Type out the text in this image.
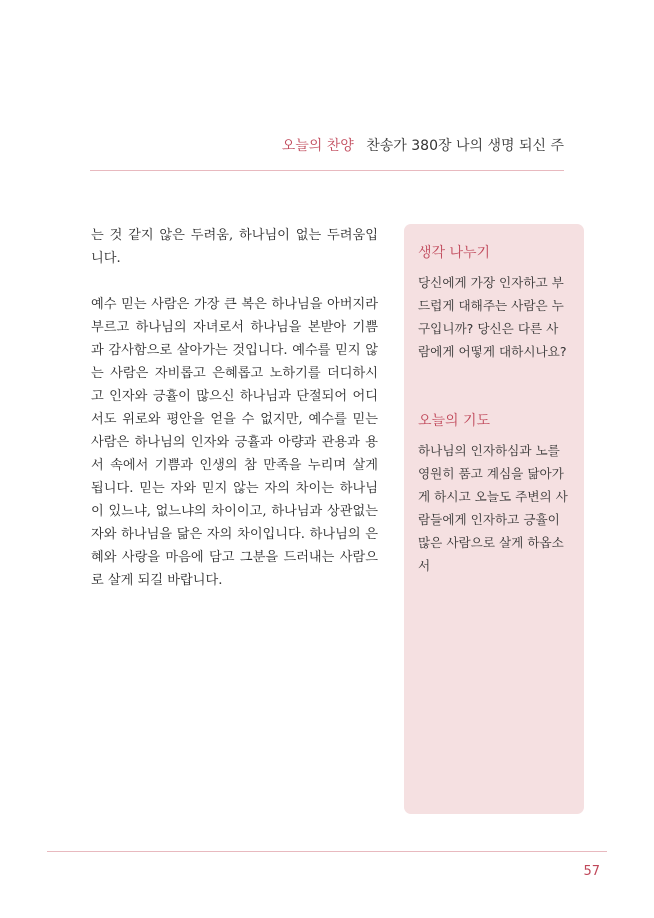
오늘의 찬양 찬송가 380장 나의 생명 되신 주

는 것 같지 않은 두려움, 하나님이 없는 두려움입니다.

예수 믿는 사람은 가장 큰 복은 하나님을 아버지라 부르고 하나님의 자녀로서 하나님을 본받아 기쁨과 감사함으로 살아가는 것입니다. 예수를 믿지 않는 사람은 자비롭고 은혜롭고 노하기를 더디하시고 인자와 긍휼이 많으신 하나님과 단절되어 어디서도 위로와 평안을 얻을 수 없지만, 예수를 믿는 사람은 하나님의 인자와 긍휼과 아량과 관용과 용서 속에서 기쁨과 인생의 참 만족을 누리며 살게 됩니다. 믿는 자와 믿지 않는 자의 차이는 하나님이 있느냐, 없느냐의 차이이고, 하나님과 상관없는 자와 하나님을 닮은 자의 차이입니다. 하나님의 은혜와 사랑을 마음에 담고 그분을 드러내는 사람으로 살게 되길 바랍니다.

생각 나누기

당신에게 가장 인자하고 부드럽게 대해주는 사람은 누구입니까? 당신은 다른 사람에게 어떻게 대하시나요?

오늘의 기도

하나님의 인자하심과 노를 영원히 품고 계심을 닮아가게 하시고 오늘도 주변의 사람들에게 인자하고 긍휼이 많은 사람으로 살게 하옵소서

57
